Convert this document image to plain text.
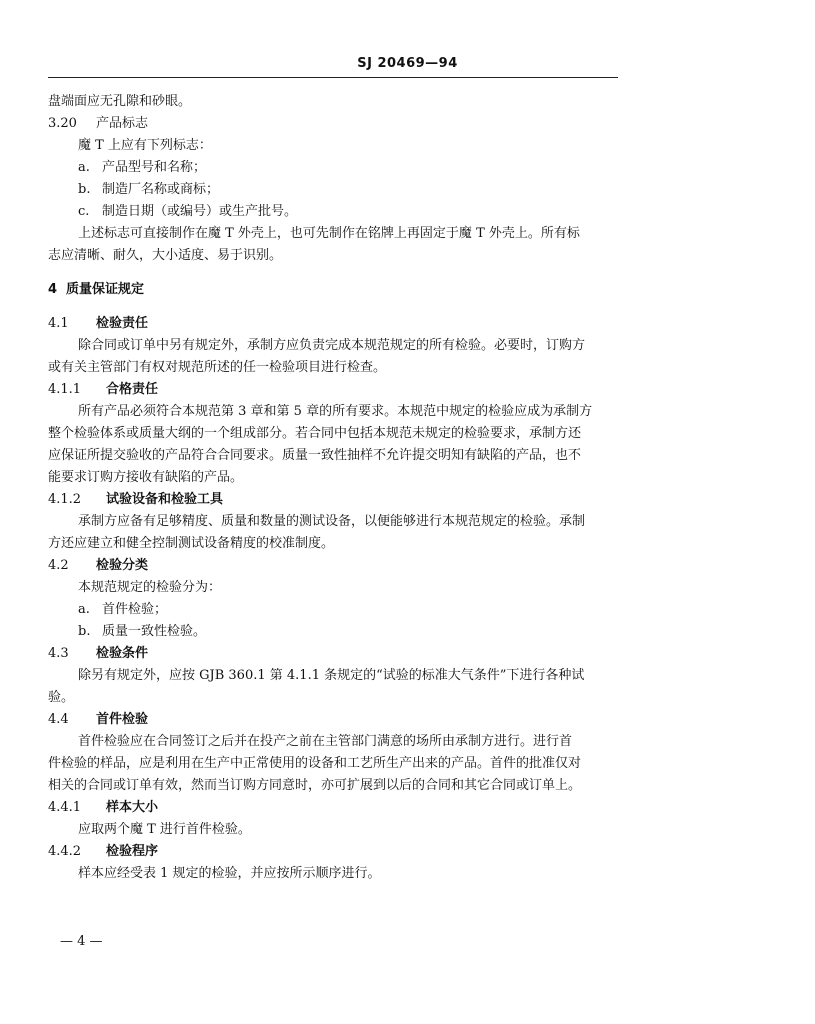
SJ 20469—94
盘端面应无孔隙和砂眼。
3.20 产品标志
魔 T 上应有下列标志：
a. 产品型号和名称；
b. 制造厂名称或商标；
c. 制造日期（或编号）或生产批号。
上述标志可直接制作在魔 T 外壳上，也可先制作在铭牌上再固定于魔 T 外壳上。所有标
志应清晰、耐久，大小适度、易于识别。
4 质量保证规定
4.1 检验责任
除合同或订单中另有规定外，承制方应负责完成本规范规定的所有检验。必要时，订购方
或有关主管部门有权对规范所述的任一检验项目进行检查。
4.1.1 合格责任
所有产品必须符合本规范第 3 章和第 5 章的所有要求。本规范中规定的检验应成为承制方
整个检验体系或质量大纲的一个组成部分。若合同中包括本规范未规定的检验要求，承制方还
应保证所提交验收的产品符合合同要求。质量一致性抽样不允许提交明知有缺陷的产品，也不
能要求订购方接收有缺陷的产品。
4.1.2 试验设备和检验工具
承制方应备有足够精度、质量和数量的测试设备，以便能够进行本规范规定的检验。承制
方还应建立和健全控制测试设备精度的校准制度。
4.2 检验分类
本规范规定的检验分为：
a. 首件检验；
b. 质量一致性检验。
4.3 检验条件
除另有规定外，应按 GJB 360.1 第 4.1.1 条规定的“试验的标准大气条件”下进行各种试
验。
4.4 首件检验
首件检验应在合同签订之后并在投产之前在主管部门满意的场所由承制方进行。进行首
件检验的样品，应是利用在生产中正常使用的设备和工艺所生产出来的产品。首件的批准仅对
相关的合同或订单有效，然而当订购方同意时，亦可扩展到以后的合同和其它合同或订单上。
4.4.1 样本大小
应取两个魔 T 进行首件检验。
4.4.2 检验程序
样本应经受表 1 规定的检验，并应按所示顺序进行。
— 4 —
